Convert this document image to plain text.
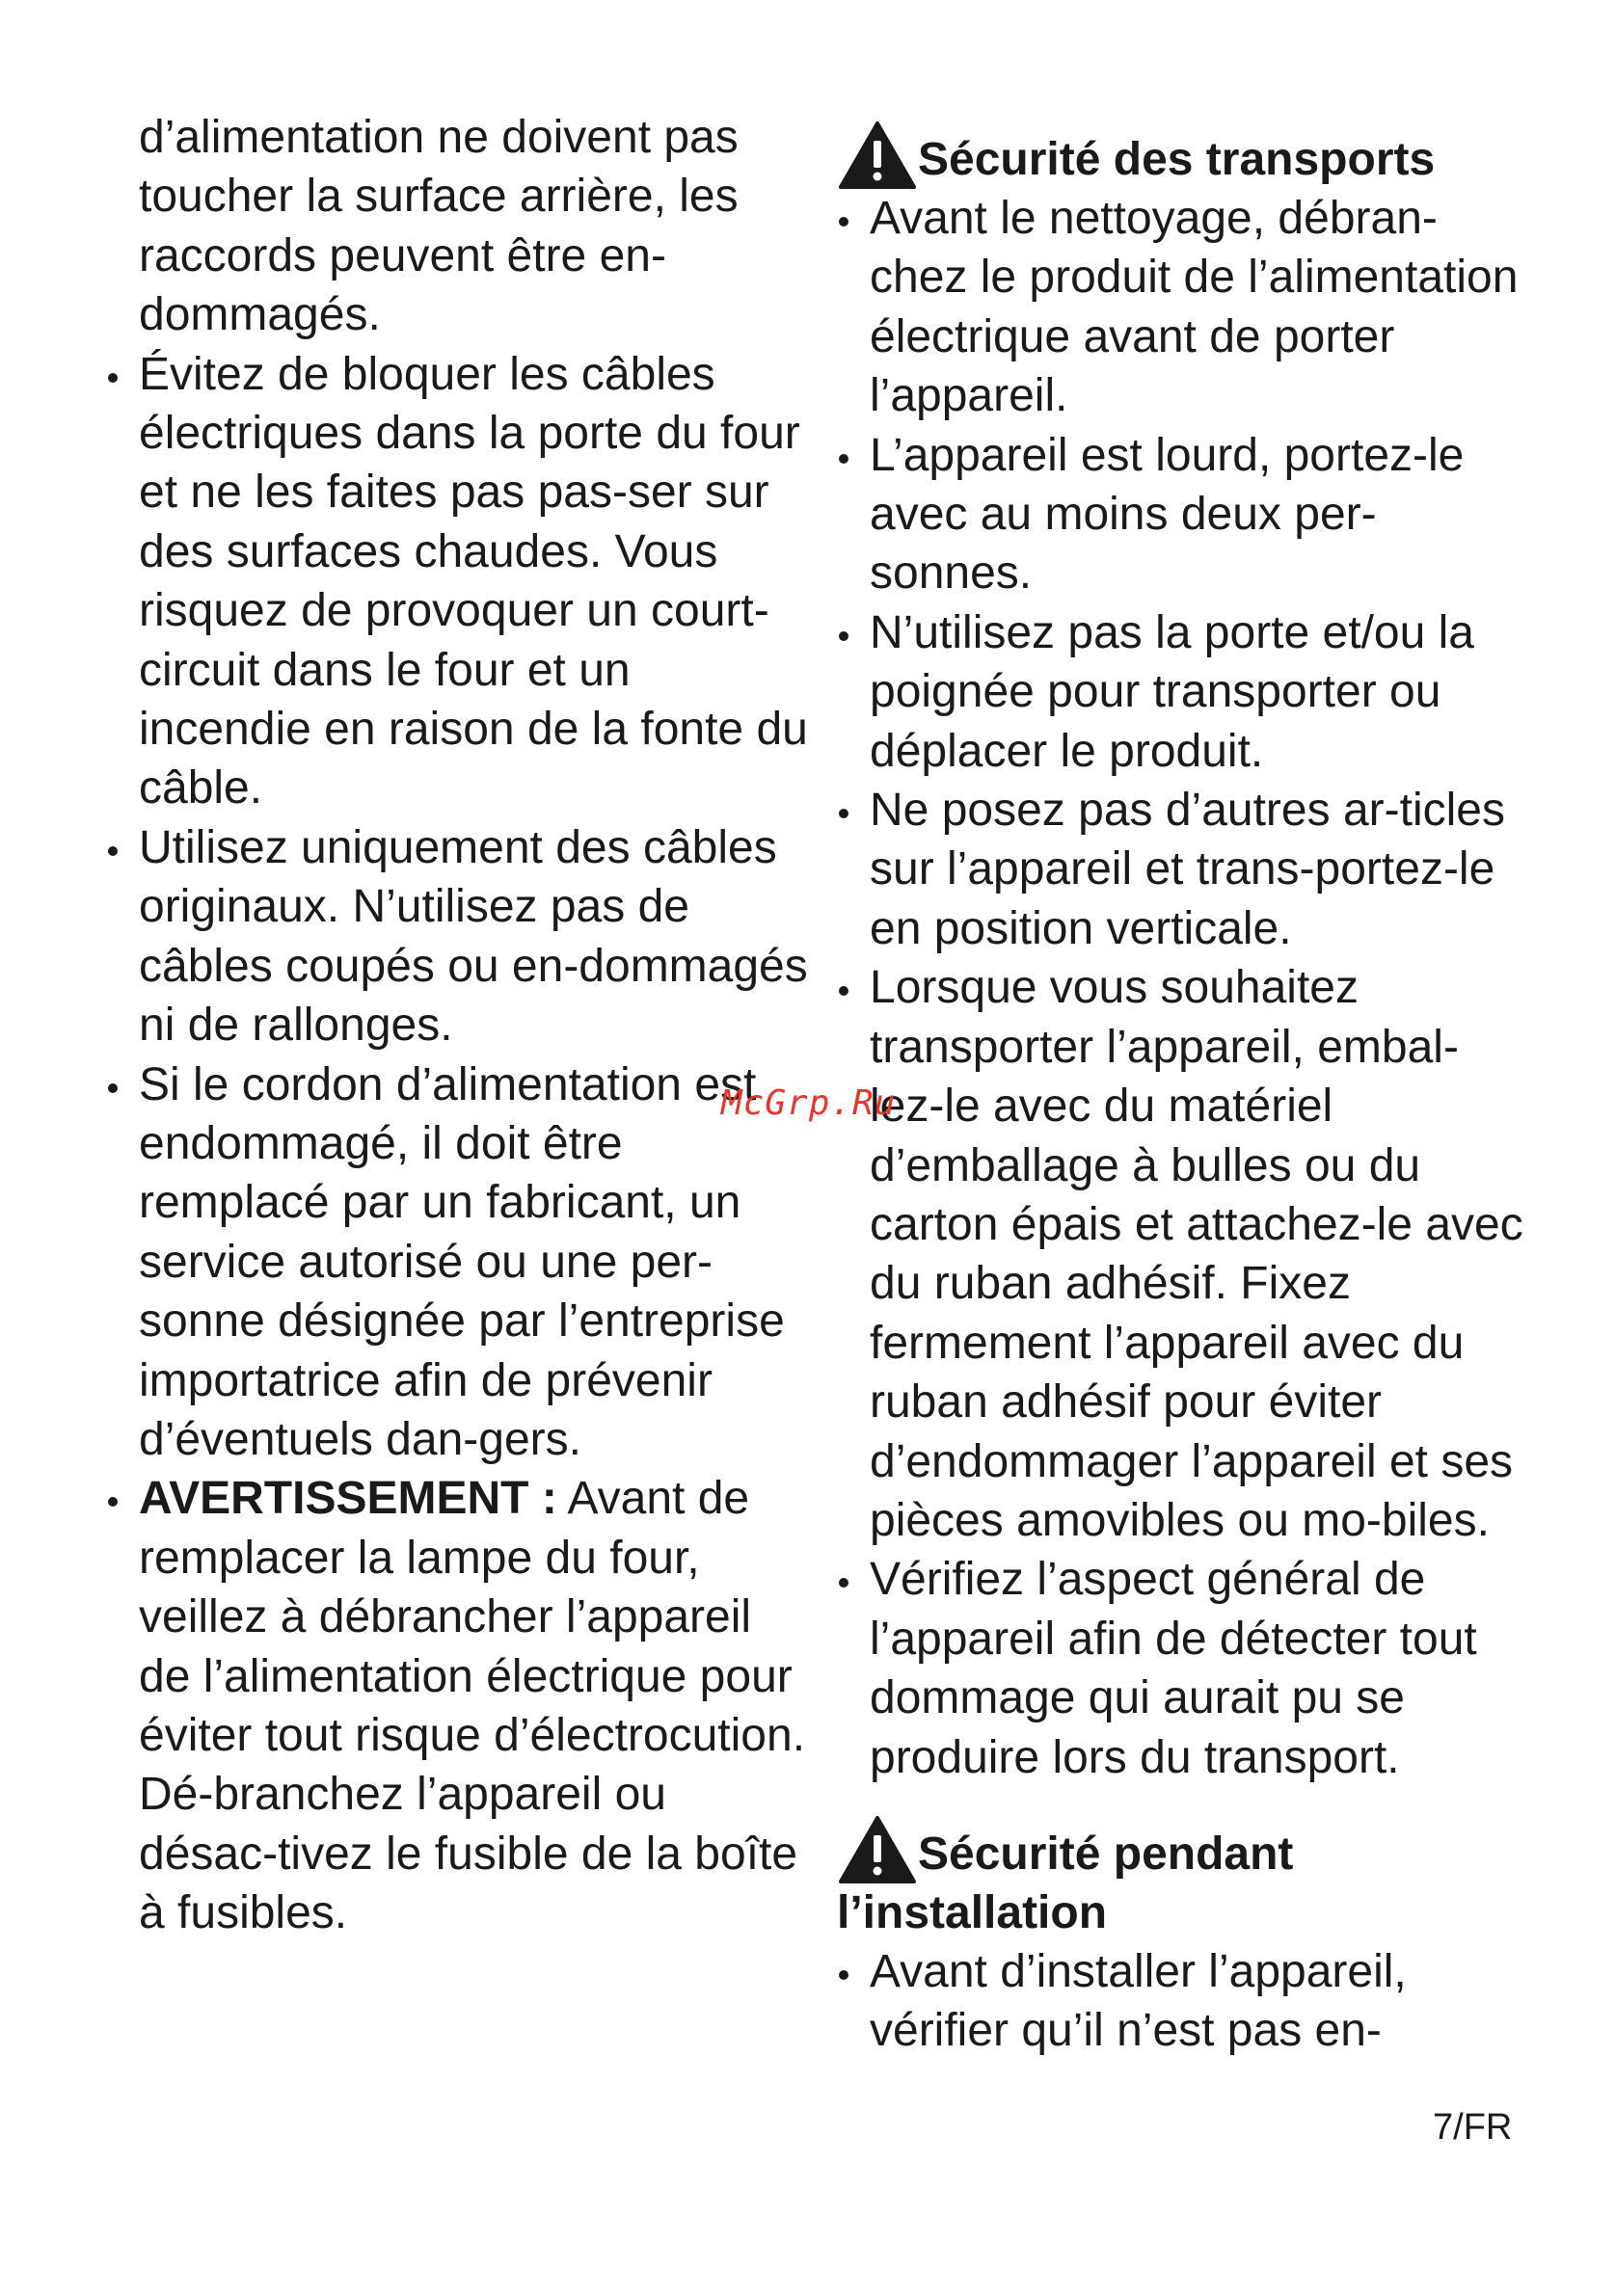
d’alimentation ne doivent pas toucher la surface arrière, les raccords peuvent être en-dommagés.
Évitez de bloquer les câbles électriques dans la porte du four et ne les faites pas pas-ser sur des surfaces chaudes. Vous risquez de provoquer un court-circuit dans le four et un incendie en raison de la fonte du câble.
Utilisez uniquement des câbles originaux. N’utilisez pas de câbles coupés ou en-dommagés ni de rallonges.
Si le cordon d’alimentation est endommagé, il doit être remplacé par un fabricant, un service autorisé ou une per-sonne désignée par l’entreprise importatrice afin de prévenir d’éventuels dan-gers.
AVERTISSEMENT : Avant de remplacer la lampe du four, veillez à débrancher l’appareil de l’alimentation électrique pour éviter tout risque d’électrocution. Dé-branchez l’appareil ou désac-tivez le fusible de la boîte à fusibles.
Sécurité des transports
Avant le nettoyage, débran-chez le produit de l’alimentation électrique avant de porter l’appareil.
L’appareil est lourd, portez-le avec au moins deux per-sonnes.
N’utilisez pas la porte et/ou la poignée pour transporter ou déplacer le produit.
Ne posez pas d’autres ar-ticles sur l’appareil et trans-portez-le en position verticale.
Lorsque vous souhaitez transporter l’appareil, embal-lez-le avec du matériel d’emballage à bulles ou du carton épais et attachez-le avec du ruban adhésif. Fixez fermement l’appareil avec du ruban adhésif pour éviter d’endommager l’appareil et ses pièces amovibles ou mo-biles.
Vérifiez l’aspect général de l’appareil afin de détecter tout dommage qui aurait pu se produire lors du transport.
Sécurité pendant l’installation
Avant d’installer l’appareil, vérifier qu’il n’est pas en-
McGrp.Ru
7/FR
